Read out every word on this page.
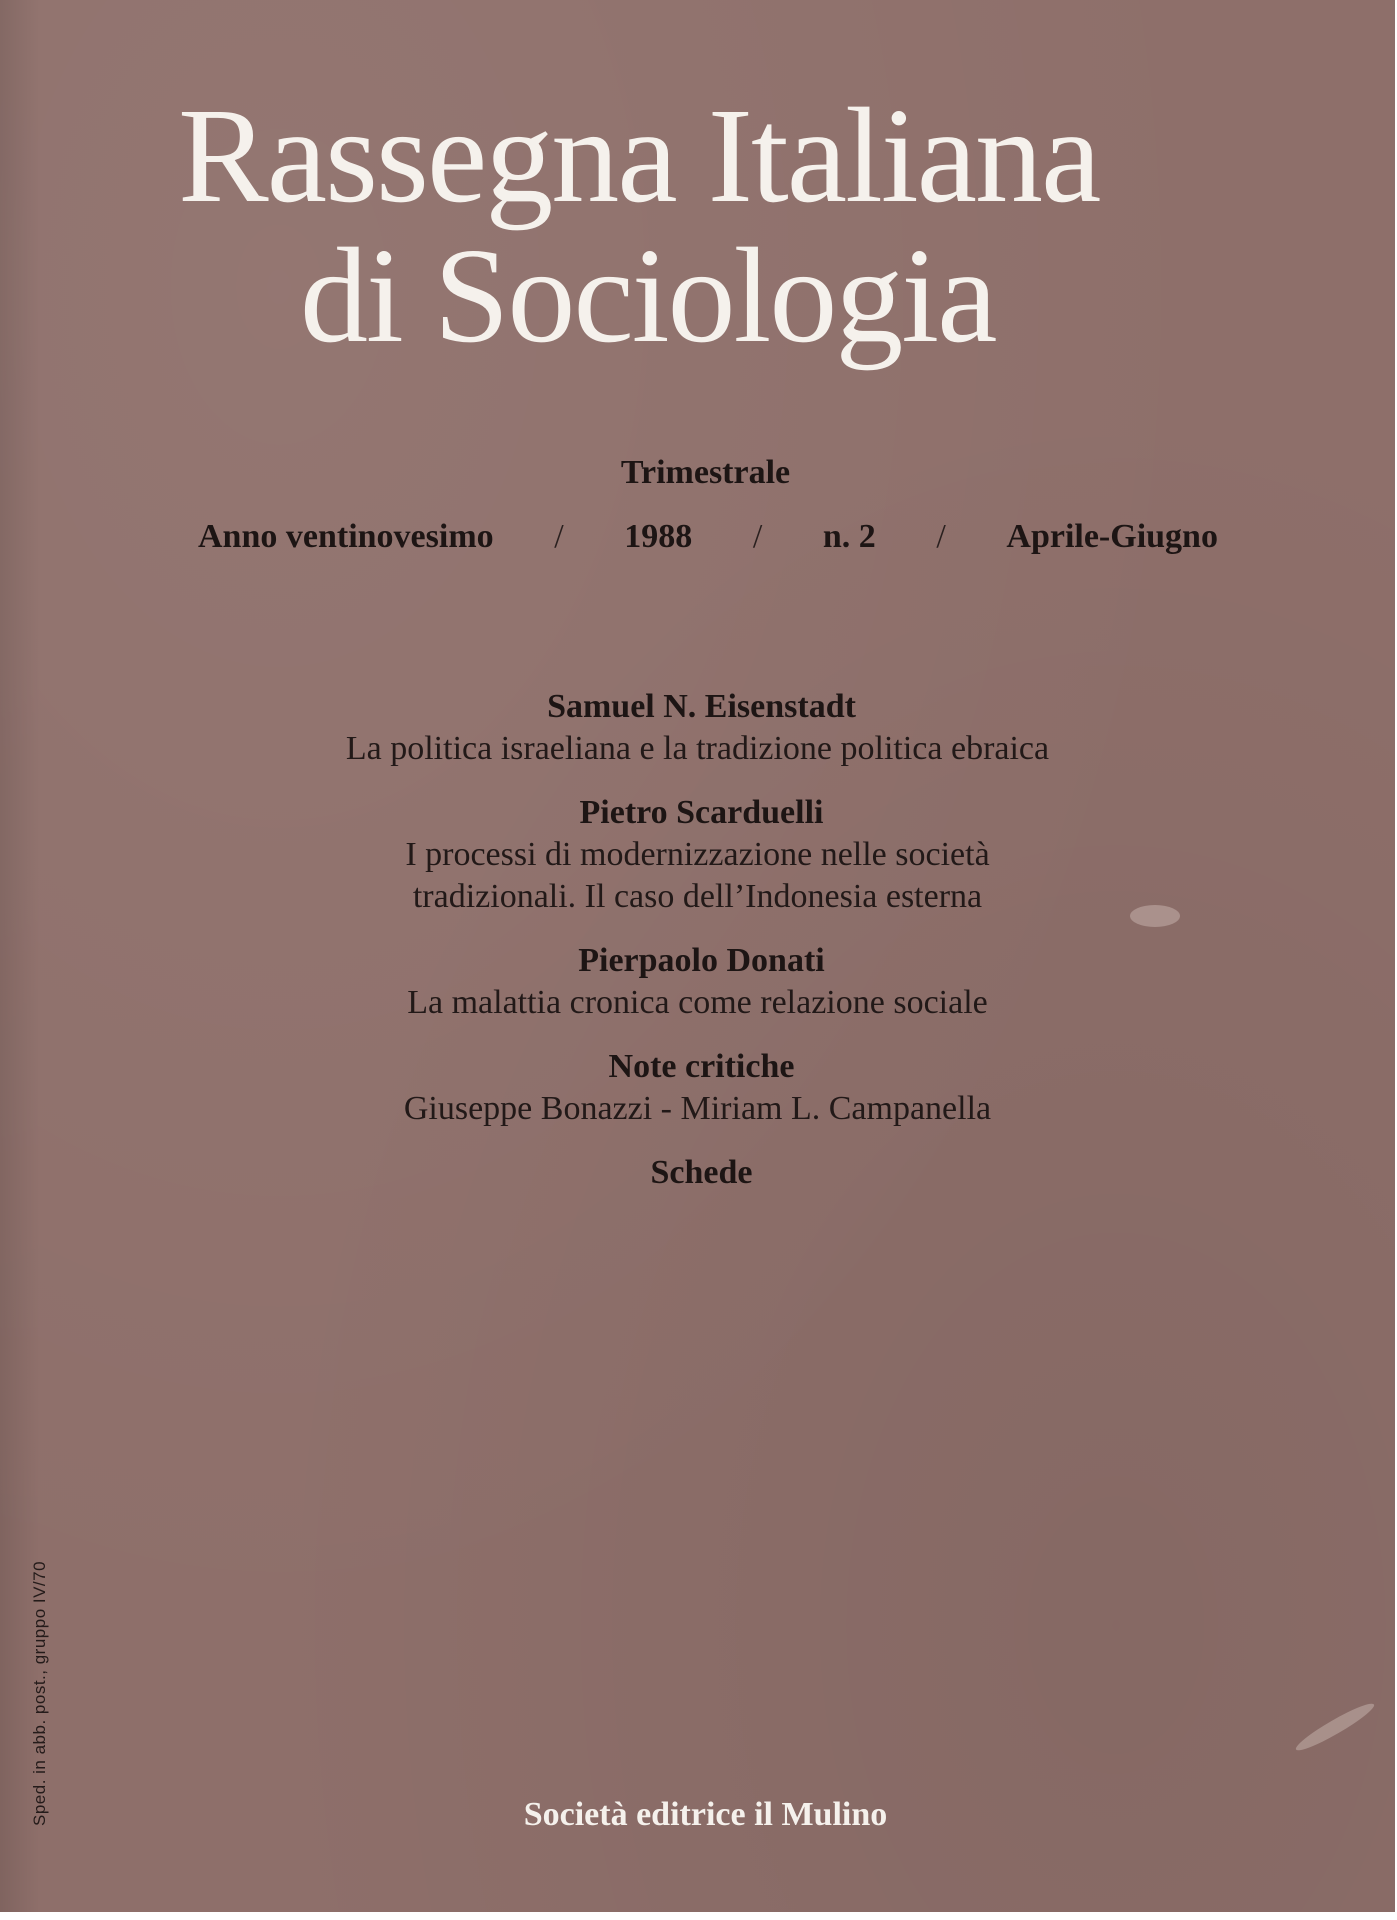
Rassegna Italiana
di Sociologia
Trimestrale
Anno ventinovesimo / 1988 / n. 2 / Aprile-Giugno
Samuel N. Eisenstadt
La politica israeliana e la tradizione politica ebraica
Pietro Scarduelli
I processi di modernizzazione nelle società
tradizionali. Il caso dell’Indonesia esterna
Pierpaolo Donati
La malattia cronica come relazione sociale
Note critiche
Giuseppe Bonazzi - Miriam L. Campanella
Schede
Sped. in abb. post., gruppo IV/70	Società editrice il Mulino
